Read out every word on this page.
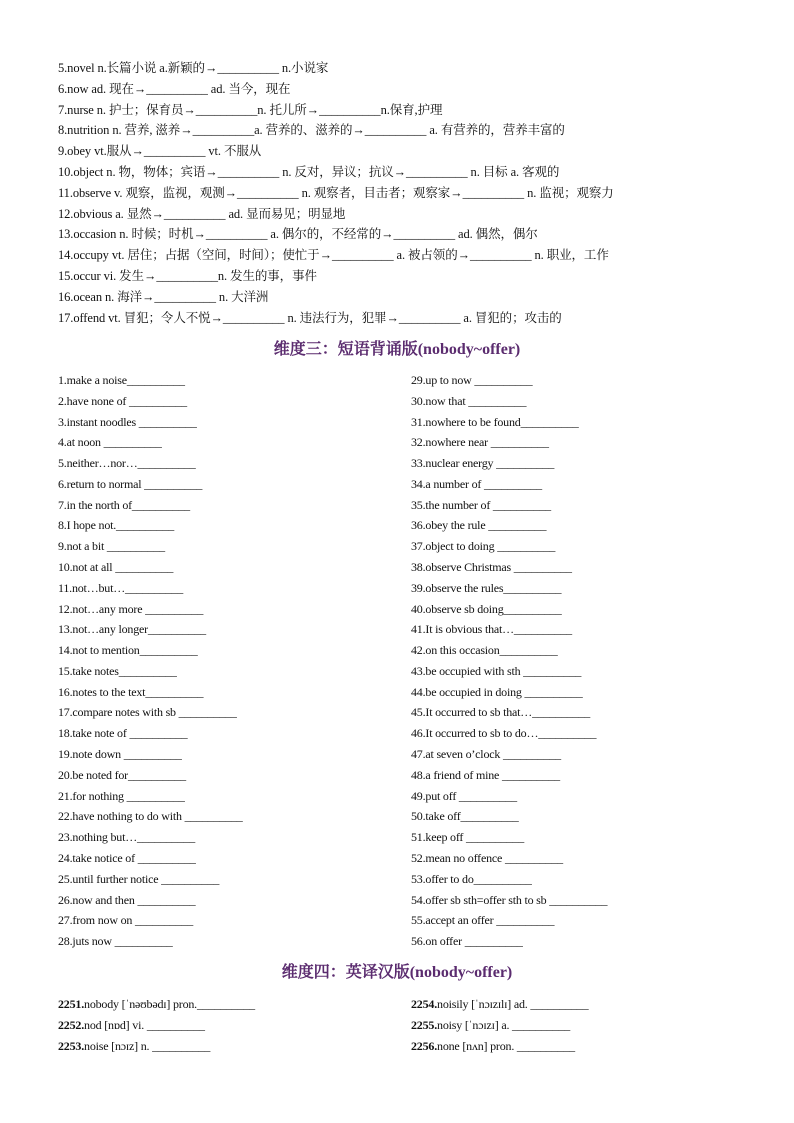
5.novel n.长篇小说 a.新颖的→__________ n.小说家
6.now ad. 现在→__________ ad. 当今，现在
7.nurse n. 护士；保育员→__________n. 托儿所→__________n.保育,护理
8.nutrition n. 营养, 滋养→__________a. 营养的、滋养的→__________ a. 有营养的，营养丰富的
9.obey vt.服从→__________ vt. 不服从
10.object n. 物，物体；宾语→__________ n. 反对，异议；抗议→__________ n. 目标 a. 客观的
11.observe v. 观察，监视，观测→__________ n. 观察者，目击者；观察家→__________ n. 监视；观察力
12.obvious a. 显然→__________ ad. 显而易见；明显地
13.occasion n. 时候；时机→__________ a. 偶尔的，不经常的→__________ ad. 偶然，偶尔
14.occupy vt. 居住；占据（空间，时间）；使忙于→__________ a. 被占领的→__________ n. 职业，工作
15.occur vi. 发生→__________n. 发生的事，事件
16.ocean n. 海洋→__________ n. 大洋洲
17.offend vt. 冒犯；令人不悦→__________ n. 违法行为，犯罪→__________ a. 冒犯的；攻击的
维度三：短语背诵版(nobody~offer)
1.make a noise__________
2.have none of __________
3.instant noodles __________
4.at noon __________
5.neither…nor…__________
6.return to normal __________
7.in the north of__________
8.I hope not.__________
9.not a bit __________
10.not at all __________
11.not…but…__________
12.not…any more __________
13.not…any longer__________
14.not to mention__________
15.take notes__________
16.notes to the text__________
17.compare notes with sb __________
18.take note of __________
19.note down __________
20.be noted for__________
21.for nothing __________
22.have nothing to do with __________
23.nothing but…__________
24.take notice of __________
25.until further notice __________
26.now and then __________
27.from now on __________
28.juts now __________
29.up to now __________
30.now that __________
31.nowhere to be found__________
32.nowhere near __________
33.nuclear energy __________
34.a number of __________
35.the number of __________
36.obey the rule __________
37.object to doing __________
38.observe Christmas __________
39.observe the rules__________
40.observe sb doing__________
41.It is obvious that…__________
42.on this occasion__________
43.be occupied with sth __________
44.be occupied in doing __________
45.It occurred to sb that…__________
46.It occurred to sb to do…__________
47.at seven o’clock __________
48.a friend of mine __________
49.put off __________
50.take off__________
51.keep off __________
52.mean no offence __________
53.offer to do__________
54.offer sb sth=offer sth to sb __________
55.accept an offer __________
56.on offer __________
维度四：英译汉版(nobody~offer)
2251.nobody [ˈnəʊbədɪ] pron.__________
2252.nod [nɒd] vi. __________
2253.noise [nɔɪz] n. __________
2254.noisily [ˈnɔɪzɪlɪ] ad. __________
2255.noisy [ˈnɔɪzɪ] a. __________
2256.none [nʌn] pron. __________
